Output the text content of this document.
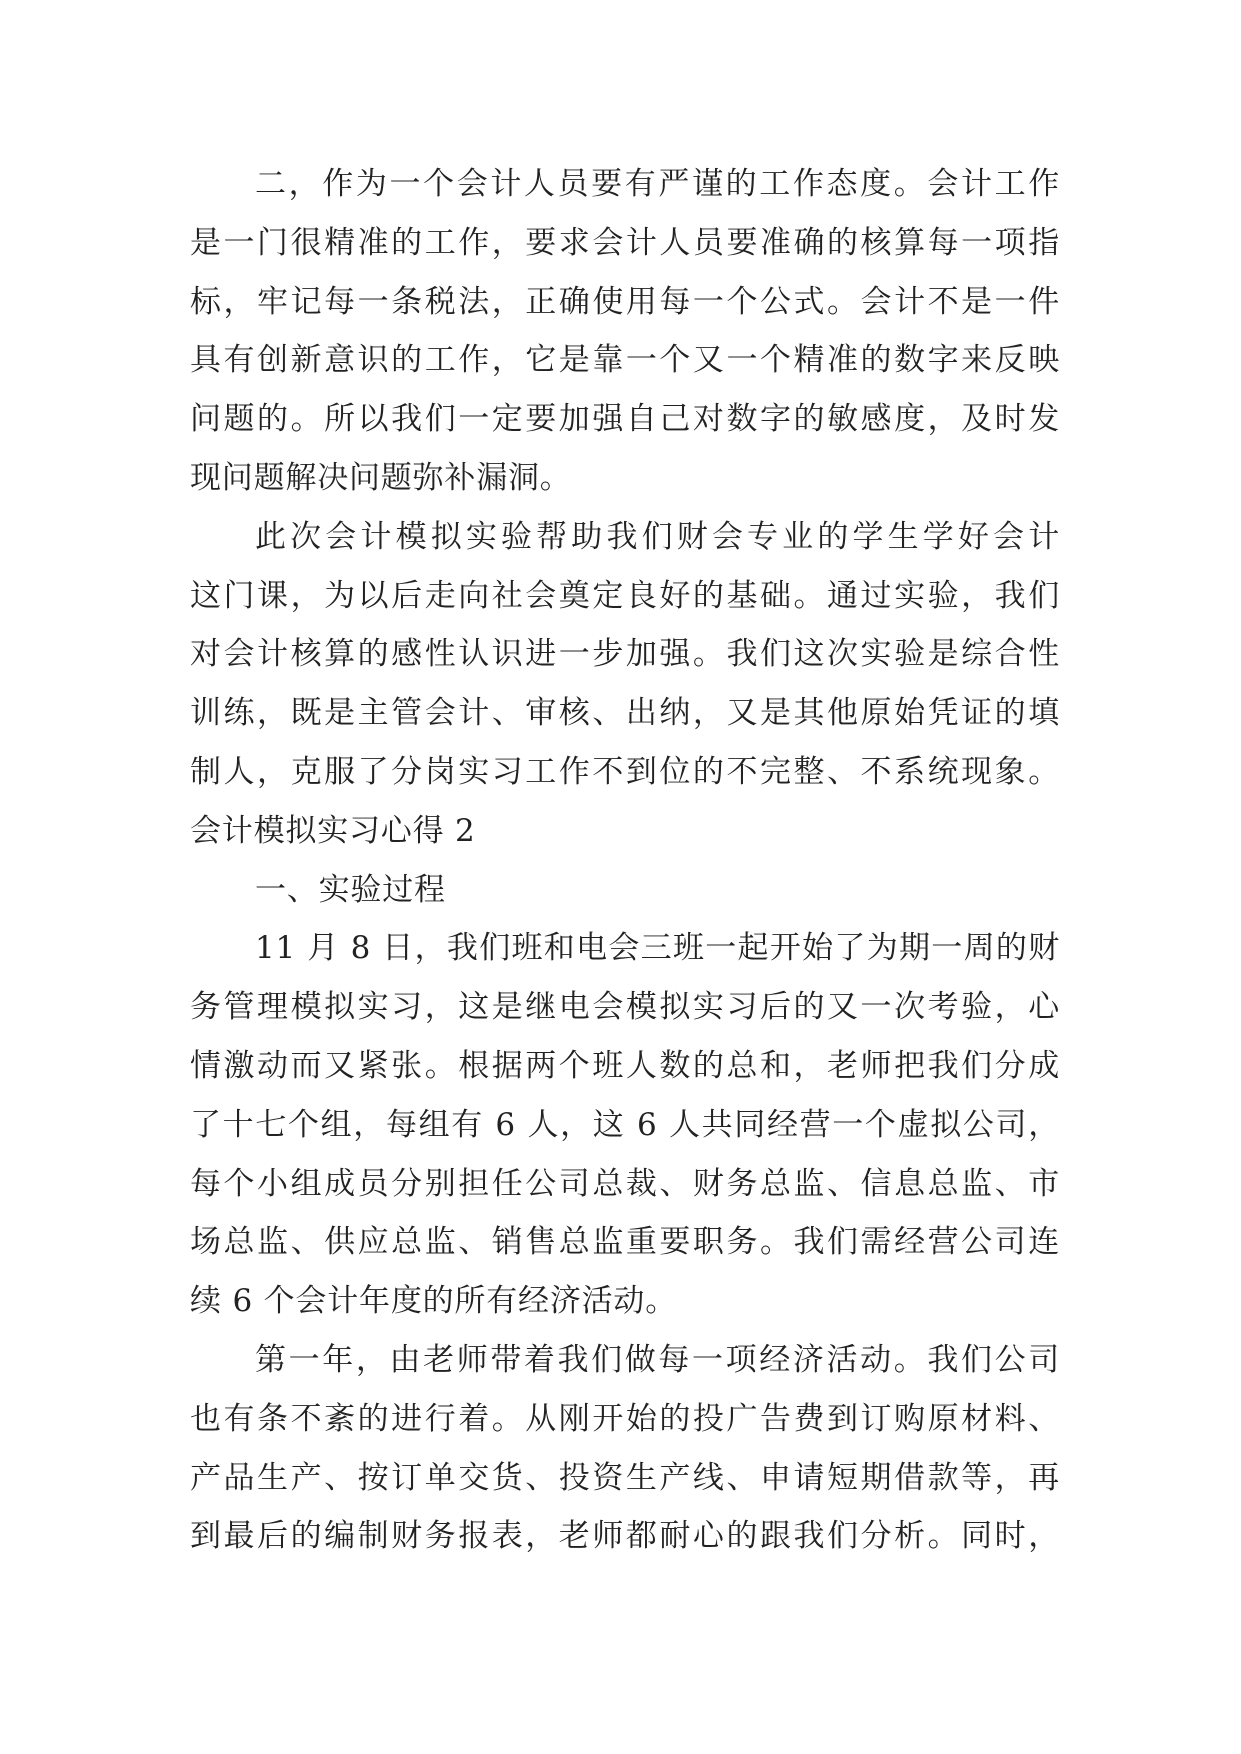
二，作为一个会计人员要有严谨的工作态度。会计工作
是一门很精准的工作，要求会计人员要准确的核算每一项指
标，牢记每一条税法，正确使用每一个公式。会计不是一件
具有创新意识的工作，它是靠一个又一个精准的数字来反映
问题的。所以我们一定要加强自己对数字的敏感度，及时发
现问题解决问题弥补漏洞。
此次会计模拟实验帮助我们财会专业的学生学好会计
这门课，为以后走向社会奠定良好的基础。通过实验，我们
对会计核算的感性认识进一步加强。我们这次实验是综合性
训练，既是主管会计、审核、出纳，又是其他原始凭证的填
制人，克服了分岗实习工作不到位的不完整、不系统现象。
会计模拟实习心得 2
一、实验过程
11 月 8 日，我们班和电会三班一起开始了为期一周的财
务管理模拟实习，这是继电会模拟实习后的又一次考验，心
情激动而又紧张。根据两个班人数的总和，老师把我们分成
了十七个组，每组有 6 人，这 6 人共同经营一个虚拟公司，
每个小组成员分别担任公司总裁、财务总监、信息总监、市
场总监、供应总监、销售总监重要职务。我们需经营公司连
续 6 个会计年度的所有经济活动。
第一年，由老师带着我们做每一项经济活动。我们公司
也有条不紊的进行着。从刚开始的投广告费到订购原材料、
产品生产、按订单交货、投资生产线、申请短期借款等，再
到最后的编制财务报表，老师都耐心的跟我们分析。同时，
